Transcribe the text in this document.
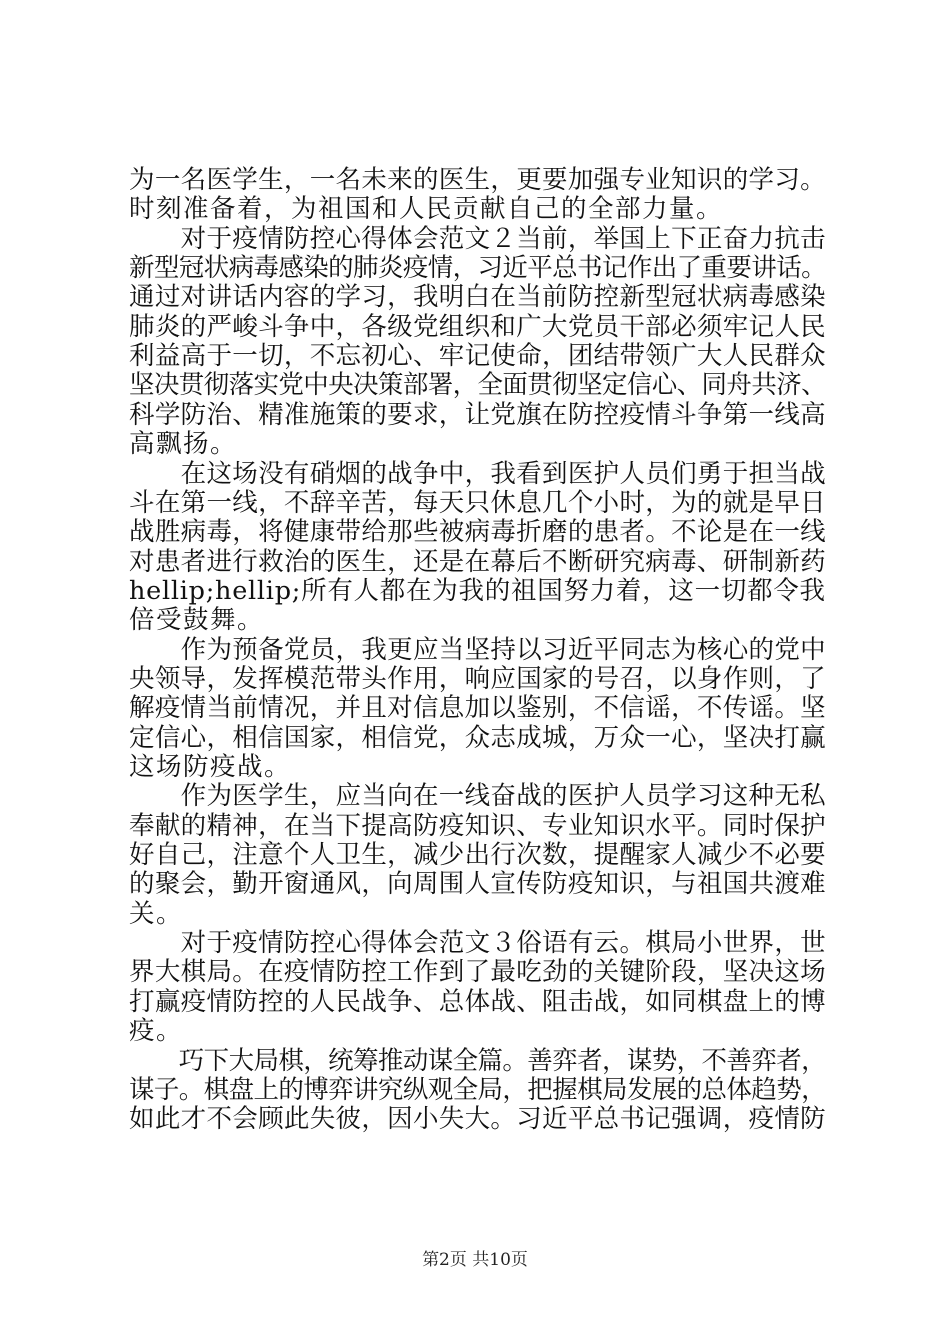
为一名医学生，一名未来的医生，更要加强专业知识的学习。
时刻准备着，为祖国和人民贡献自己的全部力量。
　　对于疫情防控心得体会范文２当前，举国上下正奋力抗击
新型冠状病毒感染的肺炎疫情，习近平总书记作出了重要讲话。
通过对讲话内容的学习，我明白在当前防控新型冠状病毒感染
肺炎的严峻斗争中，各级党组织和广大党员干部必须牢记人民
利益高于一切，不忘初心、牢记使命，团结带领广大人民群众
坚决贯彻落实党中央决策部署，全面贯彻坚定信心、同舟共济、
科学防治、精准施策的要求，让党旗在防控疫情斗争第一线高
高飘扬。
　　在这场没有硝烟的战争中，我看到医护人员们勇于担当战
斗在第一线，不辞辛苦，每天只休息几个小时，为的就是早日
战胜病毒，将健康带给那些被病毒折磨的患者。不论是在一线
对患者进行救治的医生，还是在幕后不断研究病毒、研制新药
hellip;hellip;所有人都在为我的祖国努力着，这一切都令我
倍受鼓舞。
　　作为预备党员，我更应当坚持以习近平同志为核心的党中
央领导，发挥模范带头作用，响应国家的号召，以身作则，了
解疫情当前情况，并且对信息加以鉴别，不信谣，不传谣。坚
定信心，相信国家，相信党，众志成城，万众一心，坚决打赢
这场防疫战。
　　作为医学生，应当向在一线奋战的医护人员学习这种无私
奉献的精神，在当下提高防疫知识、专业知识水平。同时保护
好自己，注意个人卫生，减少出行次数，提醒家人减少不必要
的聚会，勤开窗通风，向周围人宣传防疫知识，与祖国共渡难
关。
　　对于疫情防控心得体会范文３俗语有云。棋局小世界，世
界大棋局。在疫情防控工作到了最吃劲的关键阶段，坚决这场
打赢疫情防控的人民战争、总体战、阻击战，如同棋盘上的博
疫。
　　巧下大局棋，统筹推动谋全篇。善弈者，谋势，不善弈者，
谋子。棋盘上的博弈讲究纵观全局，把握棋局发展的总体趋势，
如此才不会顾此失彼，因小失大。习近平总书记强调，疫情防
第2页 共10页
